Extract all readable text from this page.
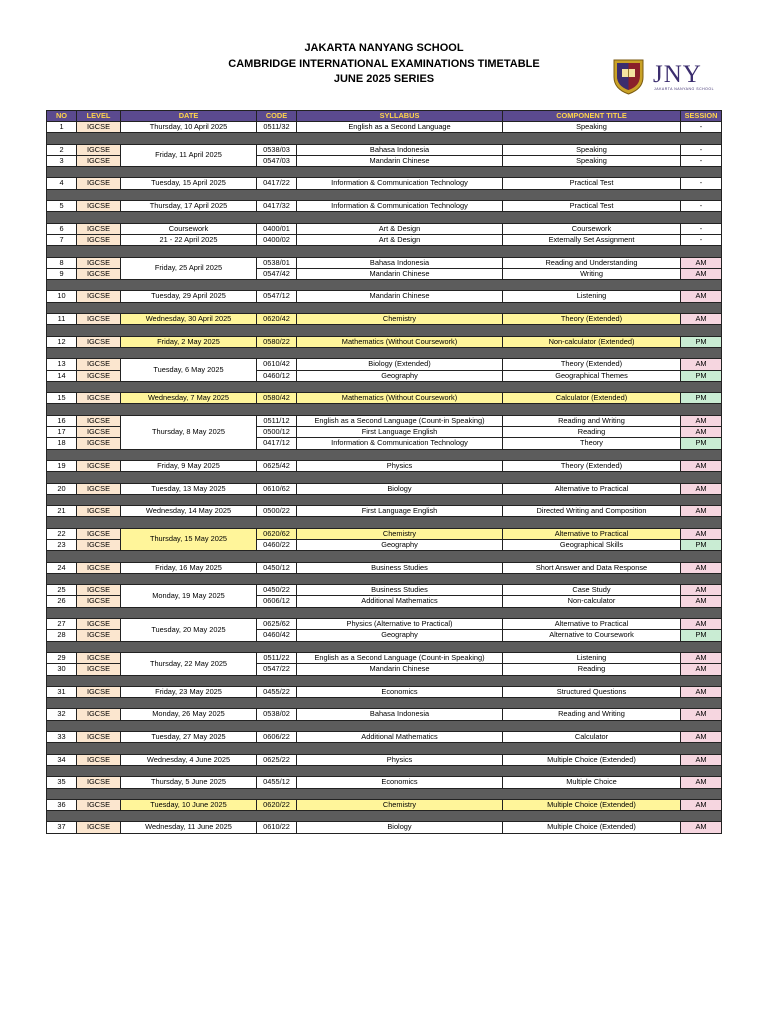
JAKARTA NANYANG SCHOOL
CAMBRIDGE INTERNATIONAL EXAMINATIONS TIMETABLE
JUNE 2025 SERIES	JNY
JAKARTA NANYANG SCHOOL
NO	LEVEL	DATE	CODE	SYLLABUS	COMPONENT TITLE	SESSION
1	IGCSE	Thursday, 10 April 2025	0511/32	English as a Second Language	Speaking	-

2	IGCSE	Friday, 11 April 2025	0538/03	Bahasa Indonesia	Speaking	-
3	IGCSE		0547/03	Mandarin Chinese	Speaking	-

4	IGCSE	Tuesday, 15 April 2025	0417/22	Information & Communication Technology	Practical Test	-

5	IGCSE	Thursday, 17 April 2025	0417/32	Information & Communication Technology	Practical Test	-

6	IGCSE	Coursework	0400/01	Art & Design	Coursework	-
7	IGCSE	21 - 22 April 2025	0400/02	Art & Design	Externally Set Assignment	-

8	IGCSE	Friday, 25 April 2025	0538/01	Bahasa Indonesia	Reading and Understanding	AM
9	IGCSE		0547/42	Mandarin Chinese	Writing	AM

10	IGCSE	Tuesday, 29 April 2025	0547/12	Mandarin Chinese	Listening	AM

11	IGCSE	Wednesday, 30 April 2025	0620/42	Chemistry	Theory (Extended)	AM

12	IGCSE	Friday, 2 May 2025	0580/22	Mathematics (Without Coursework)	Non-calculator (Extended)	PM

13	IGCSE	Tuesday, 6 May 2025	0610/42	Biology (Extended)	Theory (Extended)	AM
14	IGCSE		0460/12	Geography	Geographical Themes	PM

15	IGCSE	Wednesday, 7 May 2025	0580/42	Mathematics (Without Coursework)	Calculator (Extended)	PM

16	IGCSE	Thursday, 8 May 2025	0511/12	English as a Second Language (Count-in Speaking)	Reading and Writing	AM
17	IGCSE		0500/12	First Language English	Reading	AM
18	IGCSE		0417/12	Information & Communication Technology	Theory	PM

19	IGCSE	Friday, 9 May 2025	0625/42	Physics	Theory (Extended)	AM

20	IGCSE	Tuesday, 13 May 2025	0610/62	Biology	Alternative to Practical	AM

21	IGCSE	Wednesday, 14 May 2025	0500/22	First Language English	Directed Writing and Composition	AM

22	IGCSE	Thursday, 15 May 2025	0620/62	Chemistry	Alternative to Practical	AM
23	IGCSE		0460/22	Geography	Geographical Skills	PM

24	IGCSE	Friday, 16 May 2025	0450/12	Business Studies	Short Answer and Data Response	AM

25	IGCSE	Monday, 19 May 2025	0450/22	Business Studies	Case Study	AM
26	IGCSE		0606/12	Additional Mathematics	Non-calculator	AM

27	IGCSE	Tuesday, 20 May 2025	0625/62	Physics (Alternative to Practical)	Alternative to Practical	AM
28	IGCSE		0460/42	Geography	Alternative to Coursework	PM

29	IGCSE	Thursday, 22 May 2025	0511/22	English as a Second Language (Count-in Speaking)	Listening	AM
30	IGCSE		0547/22	Mandarin Chinese	Reading	AM

31	IGCSE	Friday, 23 May 2025	0455/22	Economics	Structured Questions	AM

32	IGCSE	Monday, 26 May 2025	0538/02	Bahasa Indonesia	Reading and Writing	AM

33	IGCSE	Tuesday, 27 May 2025	0606/22	Additional Mathematics	Calculator	AM

34	IGCSE	Wednesday, 4 June 2025	0625/22	Physics	Multiple Choice (Extended)	AM

35	IGCSE	Thursday, 5 June 2025	0455/12	Economics	Multiple Choice	AM

36	IGCSE	Tuesday, 10 June 2025	0620/22	Chemistry	Multiple Choice (Extended)	AM

37	IGCSE	Wednesday, 11 June 2025	0610/22	Biology	Multiple Choice (Extended)	AM
